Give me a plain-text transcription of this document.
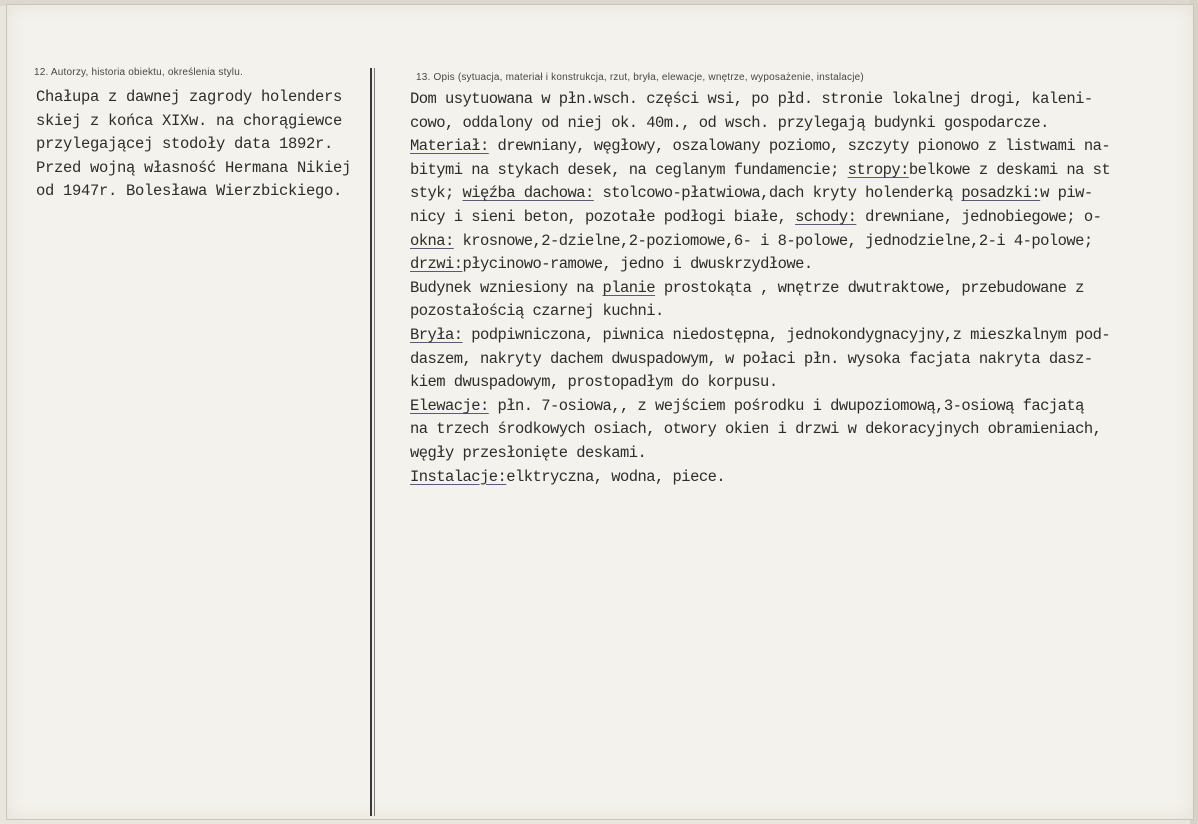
12. Autorzy, historia obiektu, określenia stylu.	13. Opis (sytuacja, materiał i konstrukcja, rzut, bryła, elewacje, wnętrze, wyposażenie, instalacje)
Chałupa z dawnej zagrody holenders
skiej z końca XIXw. na chorągiewce
przylegającej stodoły data 1892r.
Przed wojną własność Hermana Nikiej
od 1947r. Bolesława Wierzbickiego.
Dom usytuowana w płn.wsch. części wsi, po płd. stronie lokalnej drogi, kaleni-
cowo, oddalony od niej ok. 40m., od wsch. przylegają budynki gospodarcze.
Materiał: drewniany, węgłowy, oszalowany poziomo, szczyty pionowo z listwami na-
bitymi na stykach desek, na ceglanym fundamencie; stropy:belkowe z deskami na st
styk; więźba dachowa: stolcowo-płatwiowa,dach kryty holenderką posadzki:w piw-
nicy i sieni beton, pozotałe podłogi białe, schody: drewniane, jednobiegowe; o-
okna: krosnowe,2-dzielne,2-poziomowe,6- i 8-polowe, jednodzielne,2-i 4-polowe;
drzwi:płycinowo-ramowe, jedno i dwuskrzydłowe.
Budynek wzniesiony na planie prostokąta , wnętrze dwutraktowe, przebudowane z
pozostałością czarnej kuchni.
Bryła: podpiwniczona, piwnica niedostępna, jednokondygnacyjny,z mieszkalnym pod-
daszem, nakryty dachem dwuspadowym, w połaci płn. wysoka facjata nakryta dasz-
kiem dwuspadowym, prostopadłym do korpusu.
Elewacje: płn. 7-osiowa,, z wejściem pośrodku i dwupoziomową,3-osiową facjatą
na trzech środkowych osiach, otwory okien i drzwi w dekoracyjnych obramieniach,
węgły przesłonięte deskami.
Instalacje:elktryczna, wodna, piece.
